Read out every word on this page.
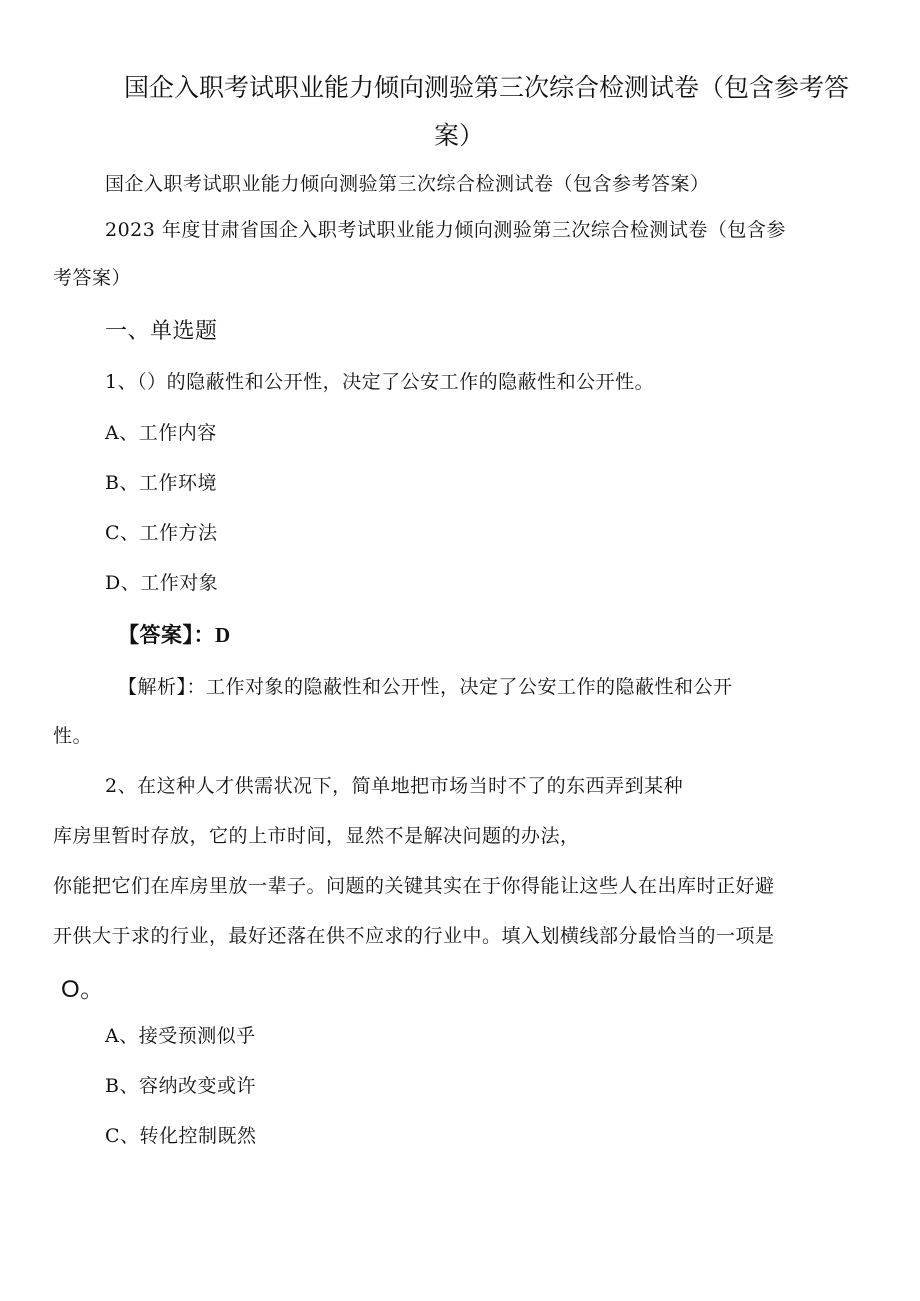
国企入职考试职业能力倾向测验第三次综合检测试卷（包含参考答
案）
国企入职考试职业能力倾向测验第三次综合检测试卷（包含参考答案）
2023 年度甘肃省国企入职考试职业能力倾向测验第三次综合检测试卷（包含参
考答案）
一、单选题
1、（）的隐蔽性和公开性，决定了公安工作的隐蔽性和公开性。
A、工作内容
B、工作环境
C、工作方法
D、工作对象
【答案】：D
【解析】：工作对象的隐蔽性和公开性，决定了公安工作的隐蔽性和公开
性。
2、在这种人才供需状况下，简单地把市场当时不了的东西弄到某种
库房里暂时存放，它的上市时间，显然不是解决问题的办法，
你能把它们在库房里放一辈子。问题的关键其实在于你得能让这些人在出库时正好避
开供大于求的行业，最好还落在供不应求的行业中。填入划横线部分最恰当的一项是
O。
A、接受预测似乎
B、容纳改变或许
C、转化控制既然
